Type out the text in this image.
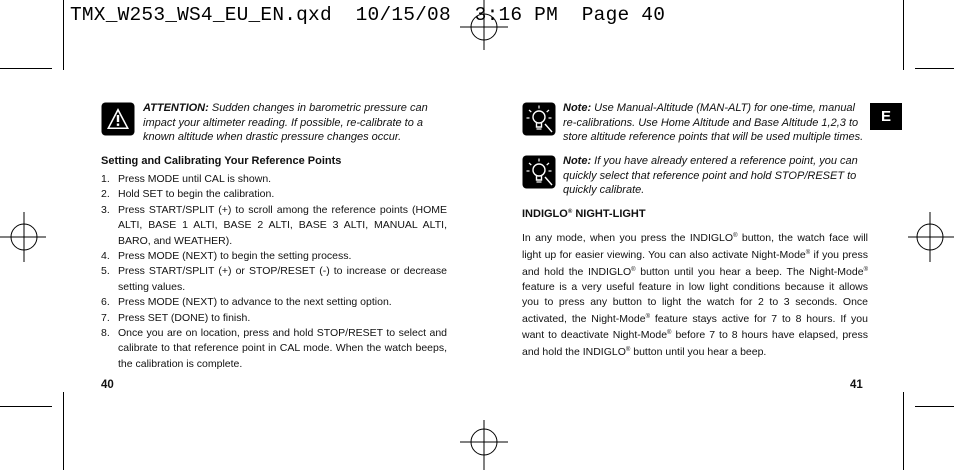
TMX_W253_WS4_EU_EN.qxd  10/15/08  3:16 PM  Page 40
ATTENTION: Sudden changes in barometric pressure can impact your altimeter reading. If possible, re-calibrate to a known altitude when drastic pressure changes occur.
Setting and Calibrating Your Reference Points
1. Press MODE until CAL is shown.
2. Hold SET to begin the calibration.
3. Press START/SPLIT (+) to scroll among the reference points (HOME ALTI, BASE 1 ALTI, BASE 2 ALTI, BASE 3 ALTI, MANUAL ALTI, BARO, and WEATHER).
4. Press MODE (NEXT) to begin the setting process.
5. Press START/SPLIT (+) or STOP/RESET (-) to increase or decrease setting values.
6. Press MODE (NEXT) to advance to the next setting option.
7. Press SET (DONE) to finish.
8. Once you are on location, press and hold STOP/RESET to select and calibrate to that reference point in CAL mode. When the watch beeps, the calibration is complete.
40
Note: Use Manual-Altitude (MAN-ALT) for one-time, manual re-calibrations. Use Home Altitude and Base Altitude 1,2,3 to store altitude reference points that will be used multiple times.
Note: If you have already entered a reference point, you can quickly select that reference point and hold STOP/RESET to quickly calibrate.
INDIGLO® NIGHT-LIGHT
In any mode, when you press the INDIGLO® button, the watch face will light up for easier viewing. You can also activate Night-Mode® if you press and hold the INDIGLO® button until you hear a beep. The Night-Mode® feature is a very useful feature in low light conditions because it allows you to press any button to light the watch for 2 to 3 seconds. Once activated, the Night-Mode® feature stays active for 7 to 8 hours. If you want to deactivate Night-Mode® before 7 to 8 hours have elapsed, press and hold the INDIGLO® button until you hear a beep.
41
E
